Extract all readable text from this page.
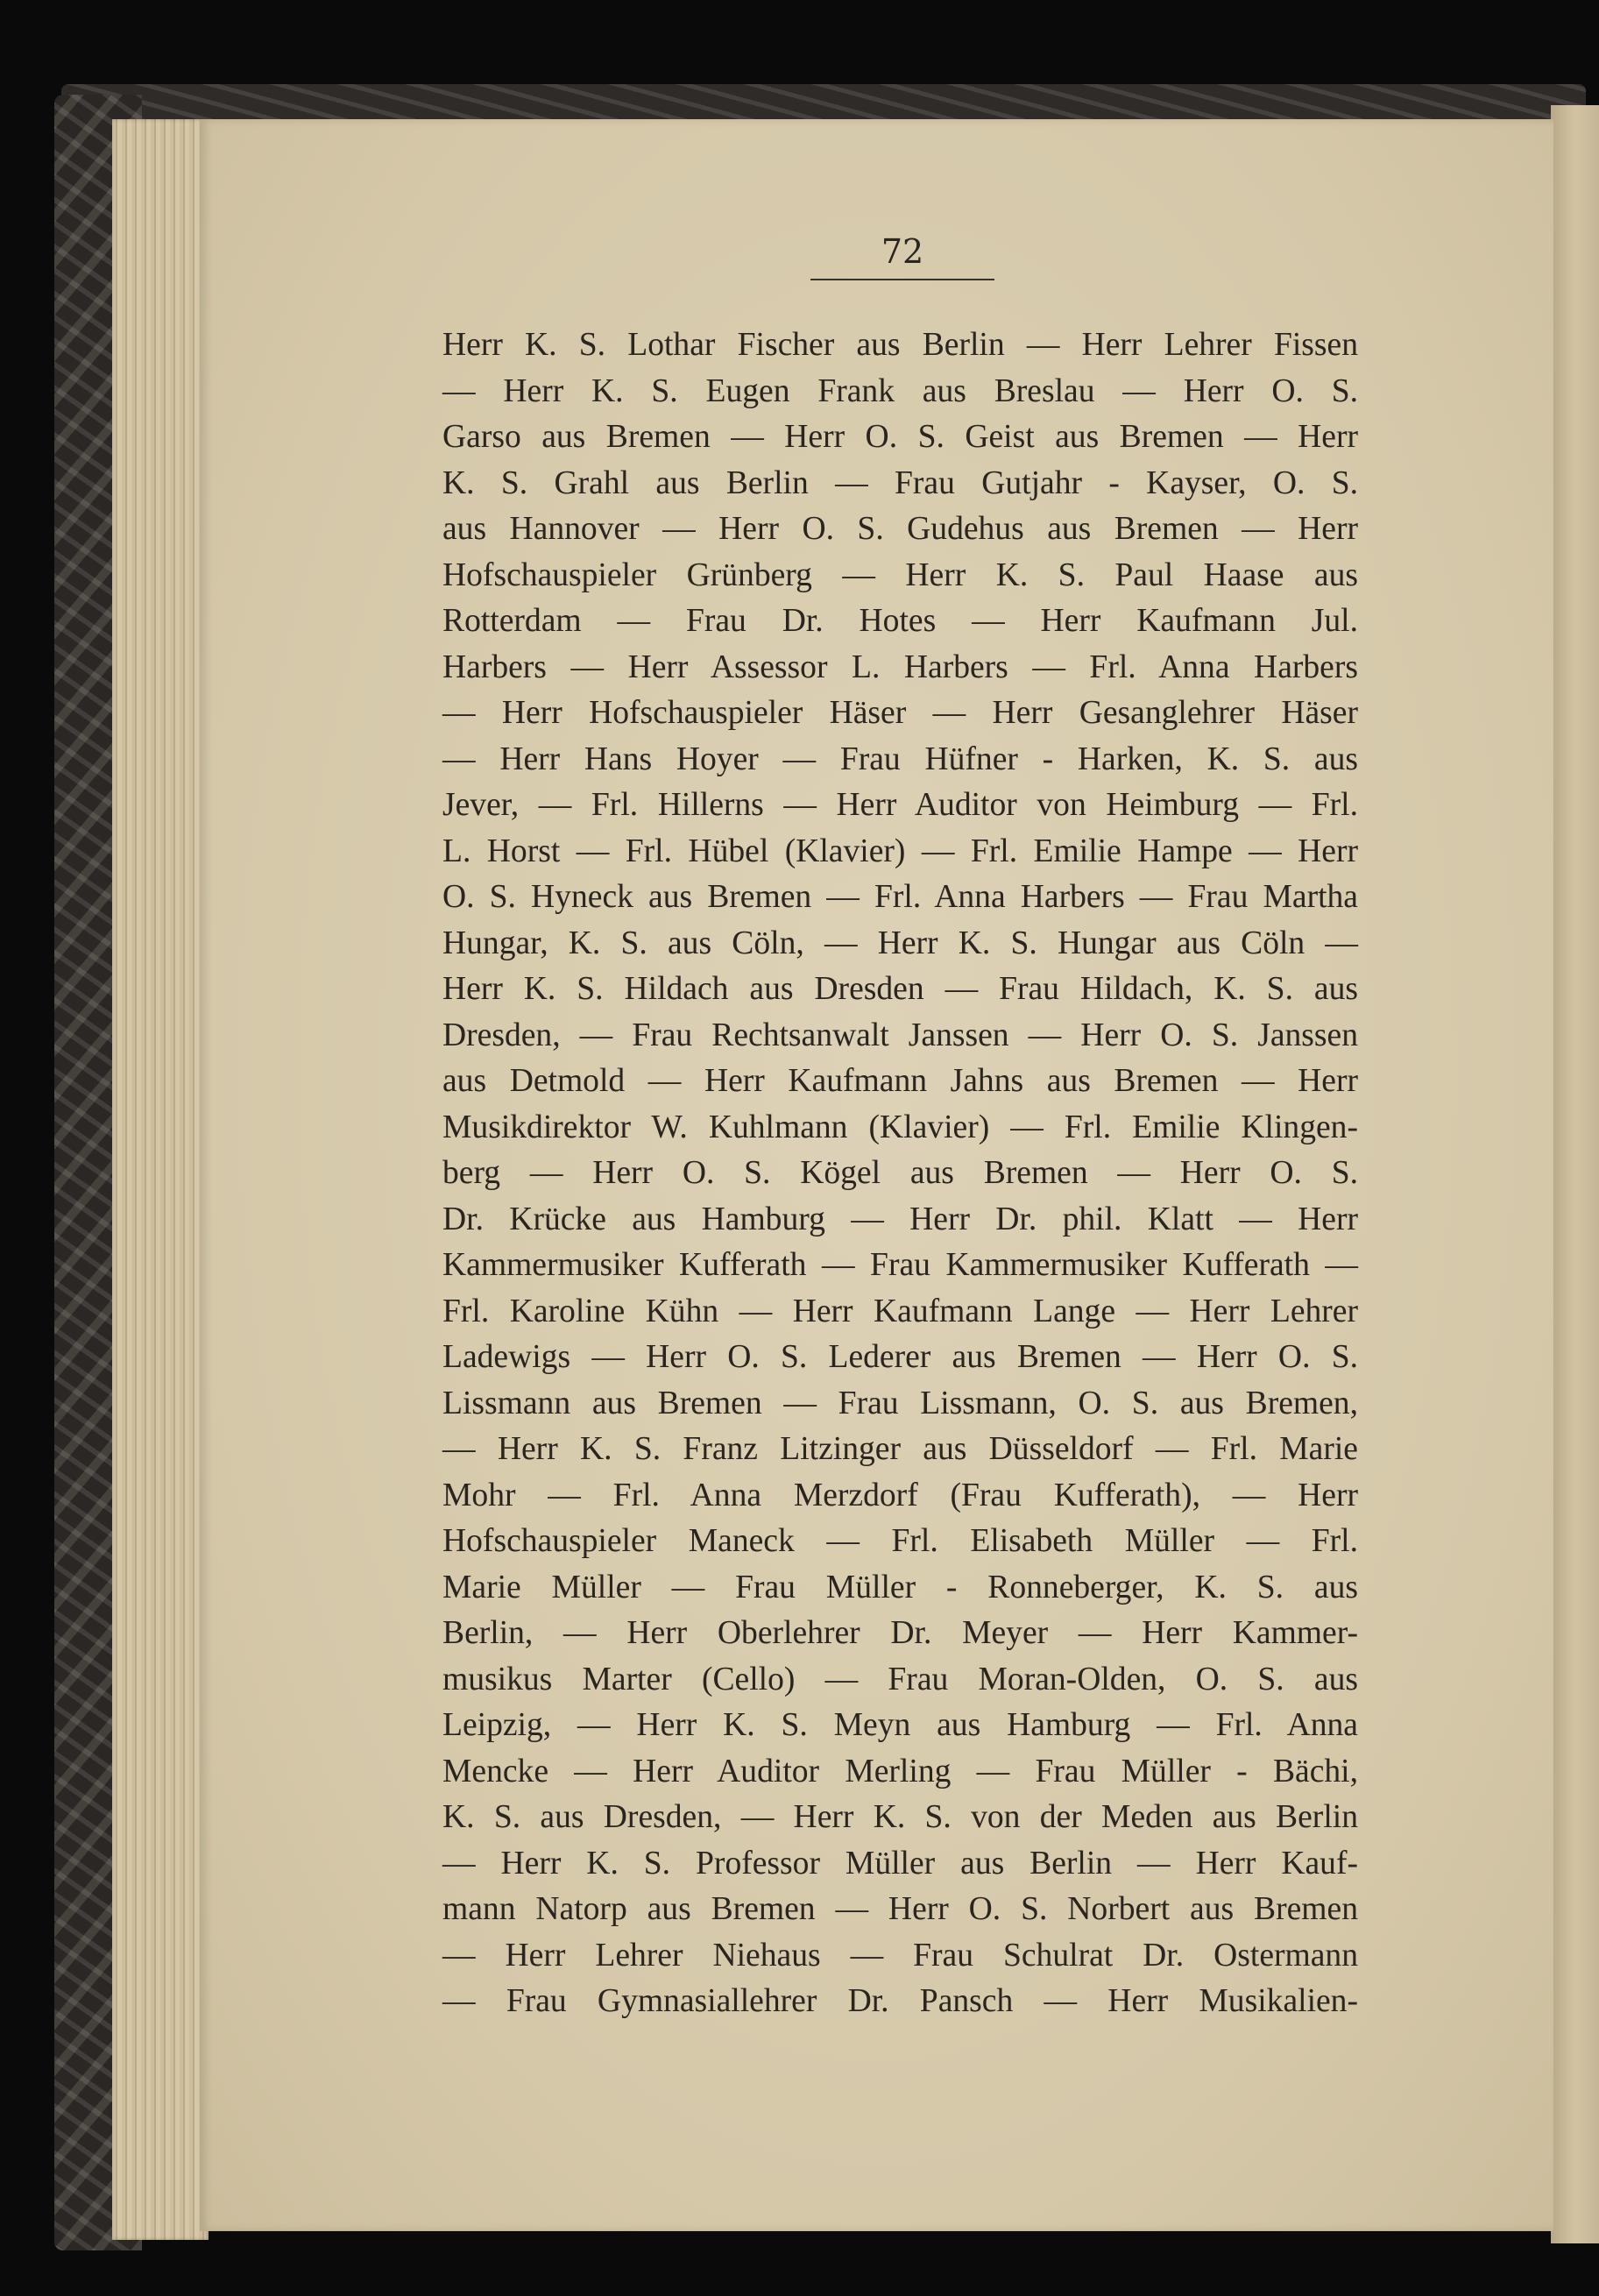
72
Herr K. S. Lothar Fischer aus Berlin — Herr Lehrer Fissen
— Herr K. S. Eugen Frank aus Breslau — Herr O. S.
Garso aus Bremen — Herr O. S. Geist aus Bremen — Herr
K. S. Grahl aus Berlin — Frau Gutjahr - Kayser, O. S.
aus Hannover — Herr O. S. Gudehus aus Bremen — Herr
Hofschauspieler Grünberg — Herr K. S. Paul Haase aus
Rotterdam — Frau Dr. Hotes — Herr Kaufmann Jul.
Harbers — Herr Assessor L. Harbers — Frl. Anna Harbers
— Herr Hofschauspieler Häser — Herr Gesanglehrer Häser
— Herr Hans Hoyer — Frau Hüfner - Harken, K. S. aus
Jever, — Frl. Hillerns — Herr Auditor von Heimburg — Frl.
L. Horst — Frl. Hübel (Klavier) — Frl. Emilie Hampe — Herr
O. S. Hyneck aus Bremen — Frl. Anna Harbers — Frau Martha
Hungar, K. S. aus Cöln, — Herr K. S. Hungar aus Cöln —
Herr K. S. Hildach aus Dresden — Frau Hildach, K. S. aus
Dresden, — Frau Rechtsanwalt Janssen — Herr O. S. Janssen
aus Detmold — Herr Kaufmann Jahns aus Bremen — Herr
Musikdirektor W. Kuhlmann (Klavier) — Frl. Emilie Klingen-
berg — Herr O. S. Kögel aus Bremen — Herr O. S.
Dr. Krücke aus Hamburg — Herr Dr. phil. Klatt — Herr
Kammermusiker Kufferath — Frau Kammermusiker Kufferath —
Frl. Karoline Kühn — Herr Kaufmann Lange — Herr Lehrer
Ladewigs — Herr O. S. Lederer aus Bremen — Herr O. S.
Lissmann aus Bremen — Frau Lissmann, O. S. aus Bremen,
— Herr K. S. Franz Litzinger aus Düsseldorf — Frl. Marie
Mohr — Frl. Anna Merzdorf (Frau Kufferath), — Herr
Hofschauspieler Maneck — Frl. Elisabeth Müller — Frl.
Marie Müller — Frau Müller - Ronneberger, K. S. aus
Berlin, — Herr Oberlehrer Dr. Meyer — Herr Kammer-
musikus Marter (Cello) — Frau Moran-Olden, O. S. aus
Leipzig, — Herr K. S. Meyn aus Hamburg — Frl. Anna
Mencke — Herr Auditor Merling — Frau Müller - Bächi,
K. S. aus Dresden, — Herr K. S. von der Meden aus Berlin
— Herr K. S. Professor Müller aus Berlin — Herr Kauf-
mann Natorp aus Bremen — Herr O. S. Norbert aus Bremen
— Herr Lehrer Niehaus — Frau Schulrat Dr. Ostermann
— Frau Gymnasiallehrer Dr. Pansch — Herr Musikalien-
